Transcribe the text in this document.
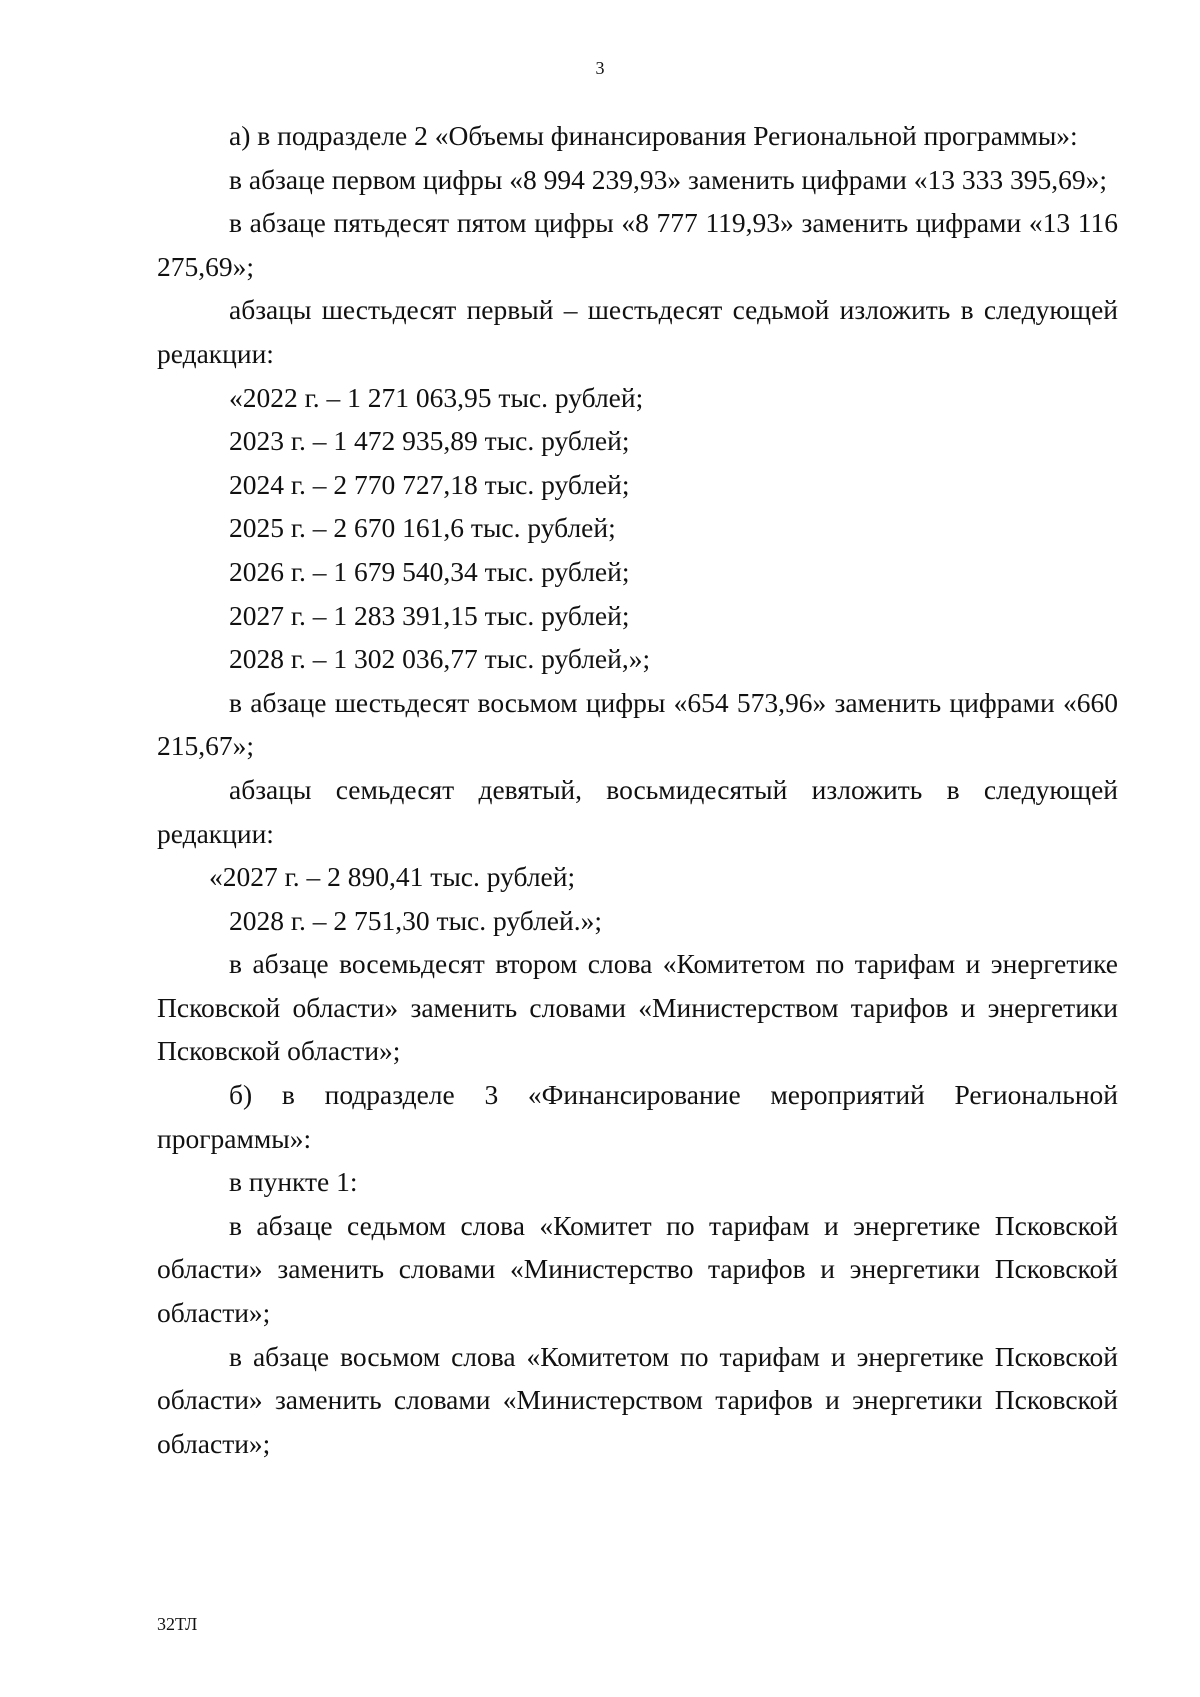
3

а) в подразделе 2 «Объемы финансирования Региональной программы»:

в абзаце первом цифры «8 994 239,93» заменить цифрами «13 333 395,69»;

в абзаце пятьдесят пятом цифры «8 777 119,93» заменить цифрами «13 116 275,69»;

абзацы шестьдесят первый – шестьдесят седьмой изложить в следующей редакции:

«2022 г. – 1 271 063,95 тыс. рублей;

2023 г. – 1 472 935,89 тыс. рублей;

2024 г. – 2 770 727,18 тыс. рублей;

2025 г. – 2 670 161,6 тыс. рублей;

2026 г. – 1 679 540,34 тыс. рублей;

2027 г. – 1 283 391,15 тыс. рублей;

2028 г. – 1 302 036,77 тыс. рублей,»;

в абзаце шестьдесят восьмом цифры «654 573,96» заменить цифрами «660 215,67»;

абзацы семьдесят девятый, восьмидесятый изложить в следующей редакции:

«2027 г. – 2 890,41 тыс. рублей;

2028 г. – 2 751,30 тыс. рублей.»;

в абзаце восемьдесят втором слова «Комитетом по тарифам и энергетике Псковской области» заменить словами «Министерством тарифов и энергетики Псковской области»;

б) в подразделе 3 «Финансирование мероприятий Региональной программы»:

в пункте 1:

в абзаце седьмом слова «Комитет по тарифам и энергетике Псковской области» заменить словами «Министерство тарифов и энергетики Псковской области»;

в абзаце восьмом слова «Комитетом по тарифам и энергетике Псковской области» заменить словами «Министерством тарифов и энергетики Псковской области»;

32ТЛ
